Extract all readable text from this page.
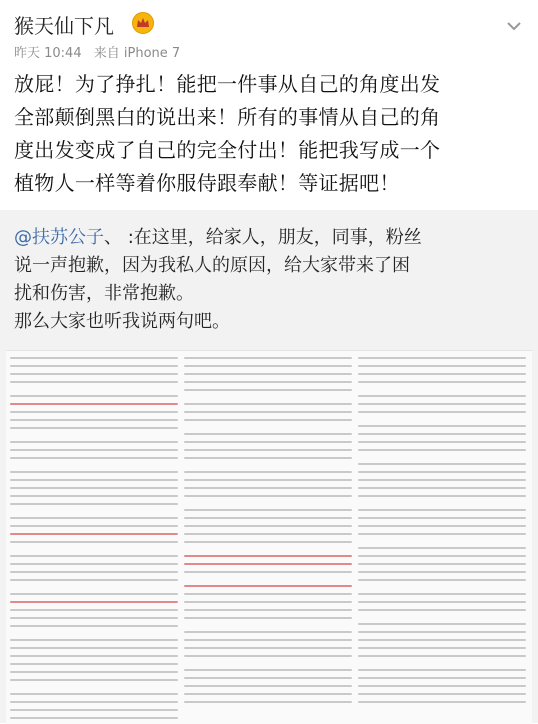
猴天仙下凡
昨天 10:44 来自 iPhone 7
放屁！为了挣扎！能把一件事从自己的角度出发
全部颠倒黑白的说出来！所有的事情从自己的角
度出发变成了自己的完全付出！能把我写成一个
植物人一样等着你服侍跟奉献！等证据吧！
@扶苏公子、 :在这里，给家人，朋友，同事，粉丝
说一声抱歉，因为我私人的原因，给大家带来了困
扰和伤害，非常抱歉。
那么大家也听我说两句吧。
